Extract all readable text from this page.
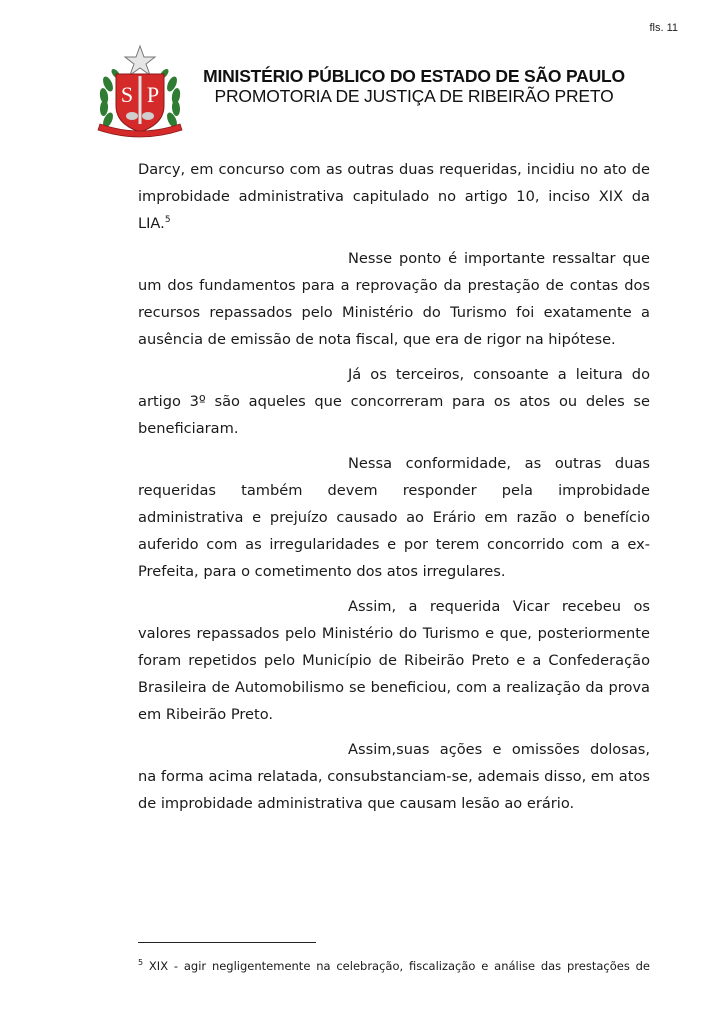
fls. 11
S P
MINISTÉRIO PÚBLICO DO ESTADO DE SÃO PAULO
PROMOTORIA DE JUSTIÇA DE RIBEIRÃO PRETO

Darcy, em concurso com as outras duas requeridas, incidiu no ato de improbidade administrativa capitulado no artigo 10, inciso XIX da LIA.$^5$

Nesse ponto é importante ressaltar que um dos fundamentos para a reprovação da prestação de contas dos recursos repassados pelo Ministério do Turismo foi exatamente a ausência de emissão de nota fiscal, que era de rigor na hipótese.

Já os terceiros, consoante a leitura do artigo 3º são aqueles que concorreram para os atos ou deles se beneficiaram.

Nessa conformidade, as outras duas requeridas também devem responder pela improbidade administrativa e prejuízo causado ao Erário em razão o benefício auferido com as irregularidades e por terem concorrido com a ex-Prefeita, para o cometimento dos atos irregulares.

Assim, a requerida Vicar recebeu os valores repassados pelo Ministério do Turismo e que, posteriormente foram repetidos pelo Município de Ribeirão Preto e a Confederação Brasileira de Automobilismo se beneficiou, com a realização da prova em Ribeirão Preto.

Assim,suas ações e omissões dolosas, na forma acima relatada, consubstanciam-se, ademais disso, em atos de improbidade administrativa que causam lesão ao erário.

$^5$ XIX - agir negligentemente na celebração, fiscalização e análise das prestações de
